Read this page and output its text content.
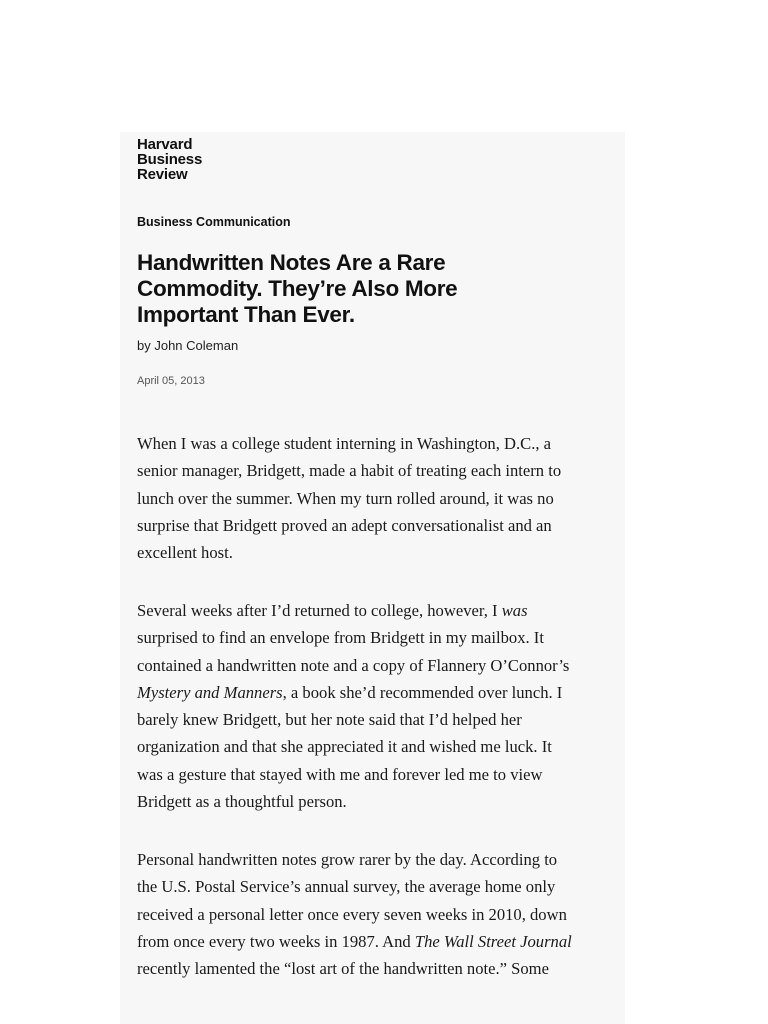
Harvard
Business
Review
Business Communication
Handwritten Notes Are a Rare
Commodity. They’re Also More
Important Than Ever.
by John Coleman
April 05, 2013
When I was a college student interning in Washington, D.C., a
senior manager, Bridgett, made a habit of treating each intern to
lunch over the summer. When my turn rolled around, it was no
surprise that Bridgett proved an adept conversationalist and an
excellent host.
Several weeks after I’d returned to college, however, I was
surprised to find an envelope from Bridgett in my mailbox. It
contained a handwritten note and a copy of Flannery O’Connor’s
Mystery and Manners, a book she’d recommended over lunch. I
barely knew Bridgett, but her note said that I’d helped her
organization and that she appreciated it and wished me luck. It
was a gesture that stayed with me and forever led me to view
Bridgett as a thoughtful person.
Personal handwritten notes grow rarer by the day. According to
the U.S. Postal Service’s annual survey, the average home only
received a personal letter once every seven weeks in 2010, down
from once every two weeks in 1987. And The Wall Street Journal
recently lamented the “lost art of the handwritten note.” Some
